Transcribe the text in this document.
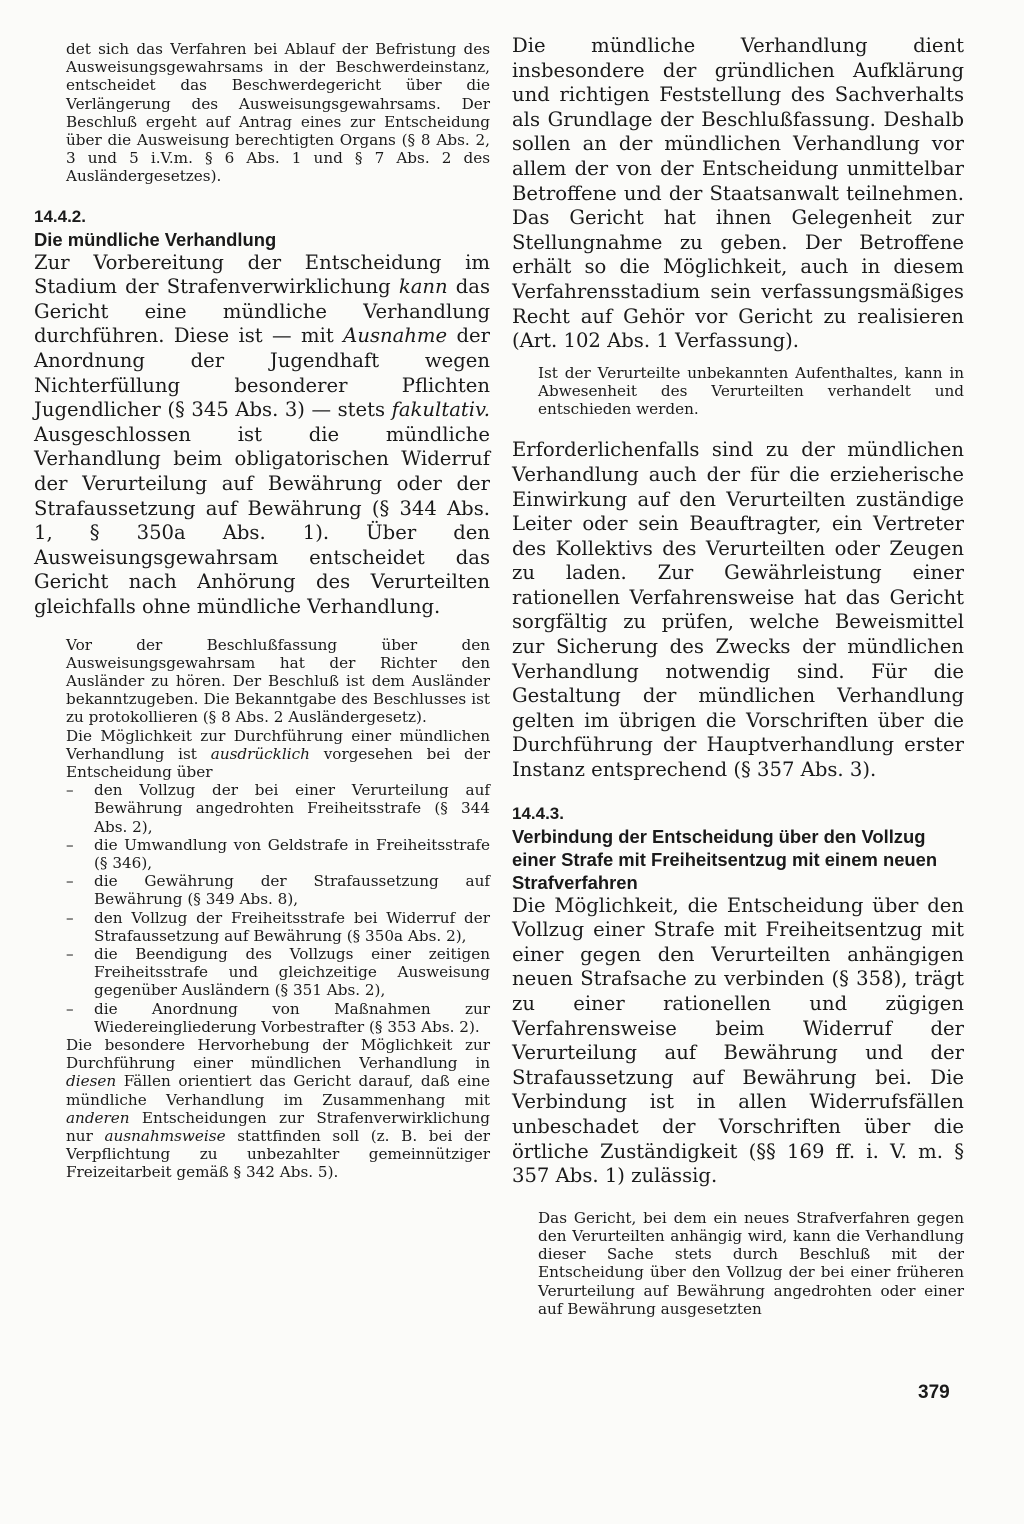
det sich das Verfahren bei Ablauf der Befristung des Ausweisungsgewahrsams in der Beschwerdeinstanz, entscheidet das Beschwerdegericht über die Verlängerung des Ausweisungsgewahrsams. Der Beschluß ergeht auf Antrag eines zur Entscheidung über die Ausweisung berechtigten Organs (§ 8 Abs. 2, 3 und 5 i.V.m. § 6 Abs. 1 und § 7 Abs. 2 des Ausländergesetzes).

14.4.2.

Die mündliche Verhandlung

Zur Vorbereitung der Entscheidung im Stadium der Strafenverwirklichung kann das Gericht eine mündliche Verhandlung durchführen. Diese ist — mit Ausnahme der Anordnung der Jugendhaft wegen Nichterfüllung besonderer Pflichten Jugendlicher (§ 345 Abs. 3) — stets fakultativ. Ausgeschlossen ist die mündliche Verhandlung beim obligatorischen Widerruf der Verurteilung auf Bewährung oder der Strafaussetzung auf Bewährung (§ 344 Abs. 1, § 350a Abs. 1). Über den Ausweisungsgewahrsam entscheidet das Gericht nach Anhörung des Verurteilten gleichfalls ohne mündliche Verhandlung.

Vor der Beschlußfassung über den Ausweisungsgewahrsam hat der Richter den Ausländer zu hören. Der Beschluß ist dem Ausländer bekanntzugeben. Die Bekanntgabe des Beschlusses ist zu protokollieren (§ 8 Abs. 2 Ausländergesetz).

Die Möglichkeit zur Durchführung einer mündlichen Verhandlung ist ausdrücklich vorgesehen bei der Entscheidung über

– den Vollzug der bei einer Verurteilung auf Bewährung angedrohten Freiheitsstrafe (§ 344 Abs. 2),
– die Umwandlung von Geldstrafe in Freiheitsstrafe (§ 346),
– die Gewährung der Strafaussetzung auf Bewährung (§ 349 Abs. 8),
– den Vollzug der Freiheitsstrafe bei Widerruf der Strafaussetzung auf Bewährung (§ 350a Abs. 2),
– die Beendigung des Vollzugs einer zeitigen Freiheitsstrafe und gleichzeitige Ausweisung gegenüber Ausländern (§ 351 Abs. 2),
– die Anordnung von Maßnahmen zur Wiedereingliederung Vorbestrafter (§ 353 Abs. 2).

Die besondere Hervorhebung der Möglichkeit zur Durchführung einer mündlichen Verhandlung in diesen Fällen orientiert das Gericht darauf, daß eine mündliche Verhandlung im Zusammenhang mit anderen Entscheidungen zur Strafenverwirklichung nur ausnahmsweise stattfinden soll (z. B. bei der Verpflichtung zu unbezahlter gemeinnütziger Freizeitarbeit gemäß § 342 Abs. 5).

Die mündliche Verhandlung dient insbesondere der gründlichen Aufklärung und richtigen Feststellung des Sachverhalts als Grundlage der Beschlußfassung. Deshalb sollen an der mündlichen Verhandlung vor allem der von der Entscheidung unmittelbar Betroffene und der Staatsanwalt teilnehmen. Das Gericht hat ihnen Gelegenheit zur Stellungnahme zu geben. Der Betroffene erhält so die Möglichkeit, auch in diesem Verfahrensstadium sein verfassungsmäßiges Recht auf Gehör vor Gericht zu realisieren (Art. 102 Abs. 1 Verfassung).

Ist der Verurteilte unbekannten Aufenthaltes, kann in Abwesenheit des Verurteilten verhandelt und entschieden werden.

Erforderlichenfalls sind zu der mündlichen Verhandlung auch der für die erzieherische Einwirkung auf den Verurteilten zuständige Leiter oder sein Beauftragter, ein Vertreter des Kollektivs des Verurteilten oder Zeugen zu laden. Zur Gewährleistung einer rationellen Verfahrensweise hat das Gericht sorgfältig zu prüfen, welche Beweismittel zur Sicherung des Zwecks der mündlichen Verhandlung notwendig sind. Für die Gestaltung der mündlichen Verhandlung gelten im übrigen die Vorschriften über die Durchführung der Hauptverhandlung erster Instanz entsprechend (§ 357 Abs. 3).

14.4.3.

Verbindung der Entscheidung über den Vollzug einer Strafe mit Freiheitsentzug mit einem neuen Strafverfahren

Die Möglichkeit, die Entscheidung über den Vollzug einer Strafe mit Freiheitsentzug mit einer gegen den Verurteilten anhängigen neuen Strafsache zu verbinden (§ 358), trägt zu einer rationellen und zügigen Verfahrensweise beim Widerruf der Verurteilung auf Bewährung und der Strafaussetzung auf Bewährung bei. Die Verbindung ist in allen Widerrufsfällen unbeschadet der Vorschriften über die örtliche Zuständigkeit (§§ 169 ff. i. V. m. § 357 Abs. 1) zulässig.

Das Gericht, bei dem ein neues Strafverfahren gegen den Verurteilten anhängig wird, kann die Verhandlung dieser Sache stets durch Beschluß mit der Entscheidung über den Vollzug der bei einer früheren Verurteilung auf Bewährung angedrohten oder einer auf Bewährung ausgesetzten

379
